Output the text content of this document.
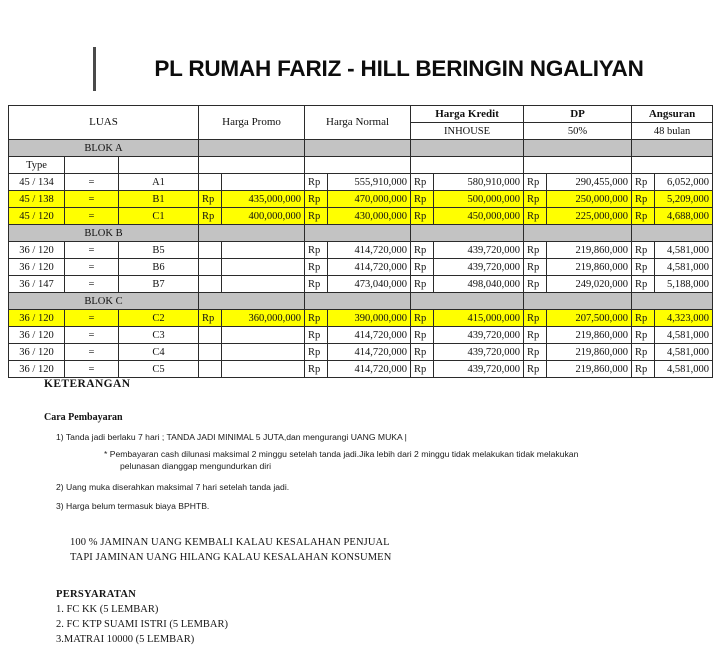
PL RUMAH FARIZ - HILL BERINGIN NGALIYAN
LUAS			Harga Promo		Harga Normal		Harga Kredit		DP		Angsuran	
							INHOUSE		50%		48 bulan	
BLOK A												
Type												
45 / 134	=	A1			Rp	555,910,000	Rp	580,910,000	Rp	290,455,000	Rp	6,052,000
45 / 138	=	B1	Rp	435,000,000	Rp	470,000,000	Rp	500,000,000	Rp	250,000,000	Rp	5,209,000
45 / 120	=	C1	Rp	400,000,000	Rp	430,000,000	Rp	450,000,000	Rp	225,000,000	Rp	4,688,000
BLOK B												
36 / 120	=	B5			Rp	414,720,000	Rp	439,720,000	Rp	219,860,000	Rp	4,581,000
36 / 120	=	B6			Rp	414,720,000	Rp	439,720,000	Rp	219,860,000	Rp	4,581,000
36 / 147	=	B7			Rp	473,040,000	Rp	498,040,000	Rp	249,020,000	Rp	5,188,000
BLOK C												
36 / 120	=	C2	Rp	360,000,000	Rp	390,000,000	Rp	415,000,000	Rp	207,500,000	Rp	4,323,000
36 / 120	=	C3			Rp	414,720,000	Rp	439,720,000	Rp	219,860,000	Rp	4,581,000
36 / 120	=	C4			Rp	414,720,000	Rp	439,720,000	Rp	219,860,000	Rp	4,581,000
36 / 120	=	C5			Rp	414,720,000	Rp	439,720,000	Rp	219,860,000	Rp	4,581,000
KETERANGAN
Cara Pembayaran
1) Tanda jadi berlaku 7 hari ; TANDA JADI MINIMAL 5 JUTA,dan mengurangi UANG MUKA |
* Pembayaran cash dilunasi maksimal 2 minggu setelah tanda jadi.Jika lebih dari 2 minggu tidak melakukan tidak melakukan
pelunasan dianggap mengundurkan diri
2) Uang muka diserahkan maksimal 7 hari setelah tanda jadi.
3) Harga belum termasuk biaya BPHTB.
100 % JAMINAN UANG KEMBALI KALAU KESALAHAN PENJUAL
TAPI JAMINAN UANG HILANG KALAU KESALAHAN KONSUMEN
PERSYARATAN
1. FC KK (5 LEMBAR)
2. FC KTP SUAMI ISTRI (5 LEMBAR)
3.MATRAI 10000 (5 LEMBAR)
